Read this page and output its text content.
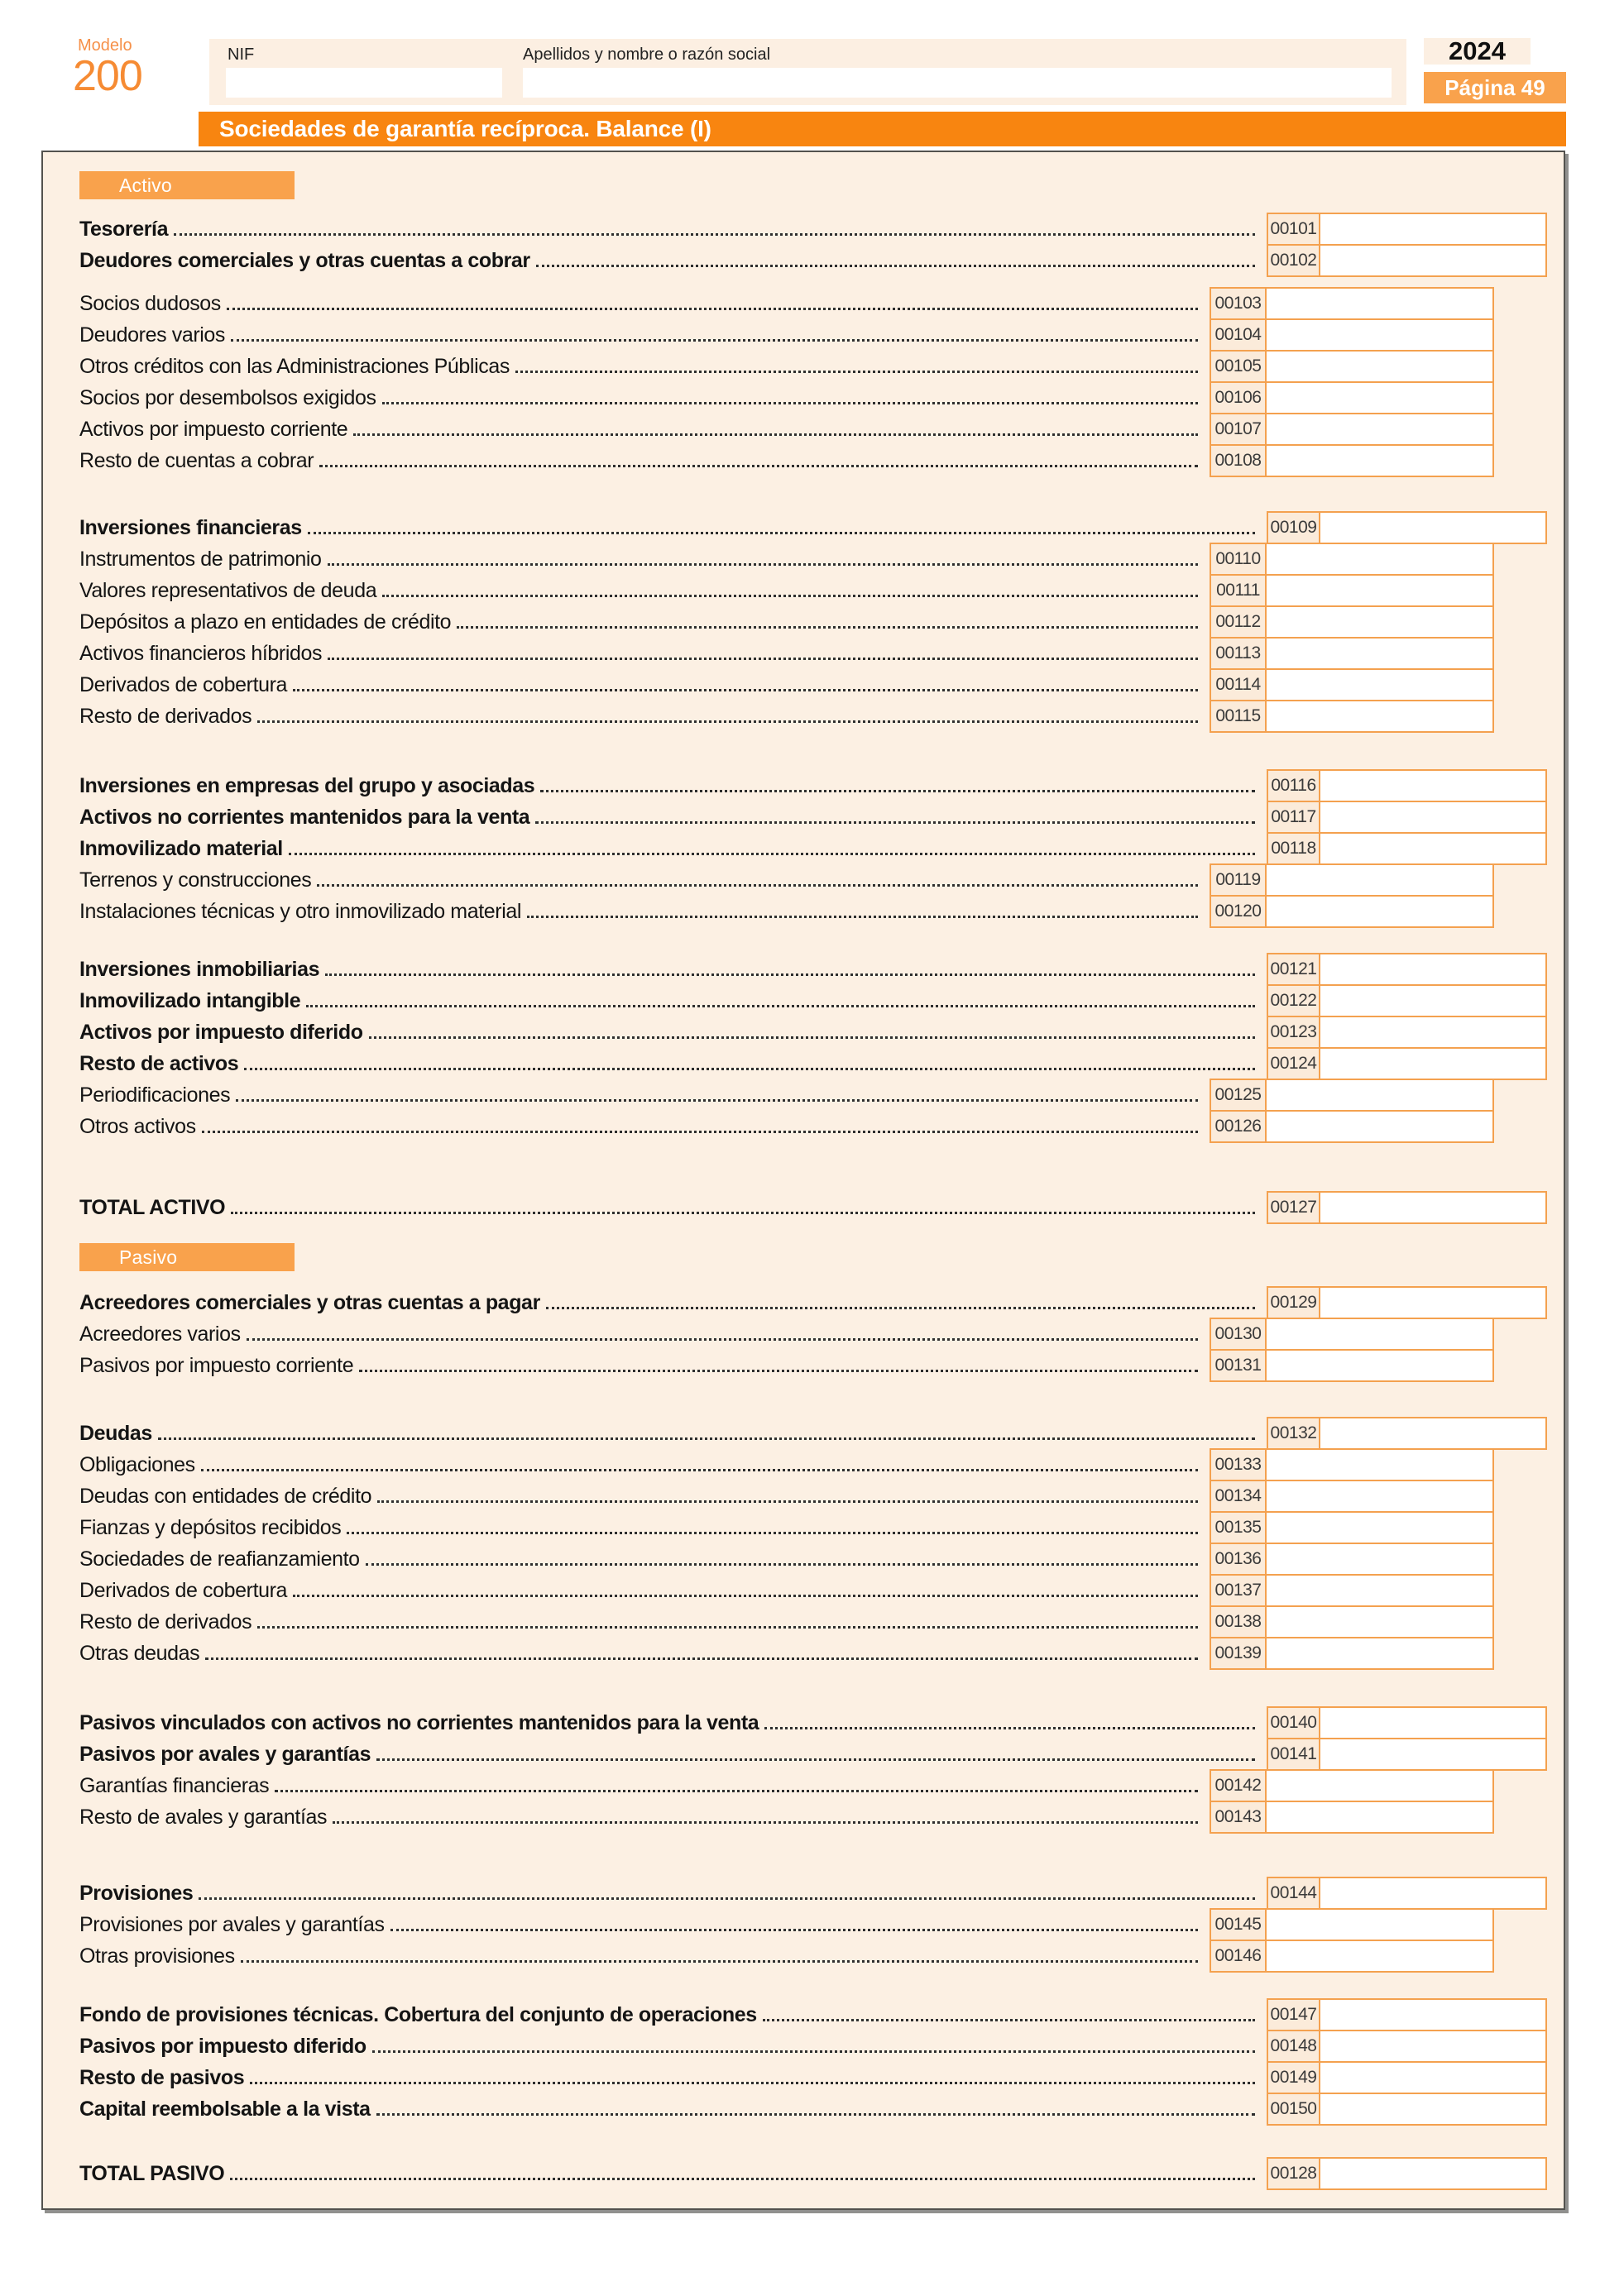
Modelo
200	NIF	Apellidos y nombre o razón social	2024
Página 49
Sociedades de garantía recíproca. Balance (I)
Activo
Tesorería	00101
Deudores comerciales y otras cuentas a cobrar	00102
Socios dudosos	00103
Deudores varios	00104
Otros créditos con las Administraciones Públicas	00105
Socios por desembolsos exigidos	00106
Activos por impuesto corriente	00107
Resto de cuentas a cobrar	00108
Inversiones financieras	00109
Instrumentos de patrimonio	00110
Valores representativos de deuda	00111
Depósitos a plazo en entidades de crédito	00112
Activos financieros híbridos	00113
Derivados de cobertura	00114
Resto de derivados	00115
Inversiones en empresas del grupo y asociadas	00116
Activos no corrientes mantenidos para la venta	00117
Inmovilizado material	00118
Terrenos y construcciones	00119
Instalaciones técnicas y otro inmovilizado material	00120
Inversiones inmobiliarias	00121
Inmovilizado intangible	00122
Activos por impuesto diferido	00123
Resto de activos	00124
Periodificaciones	00125
Otros activos	00126
TOTAL ACTIVO	00127
Pasivo
Acreedores comerciales y otras cuentas a pagar	00129
Acreedores varios	00130
Pasivos por impuesto corriente	00131
Deudas	00132
Obligaciones	00133
Deudas con entidades de crédito	00134
Fianzas y depósitos recibidos	00135
Sociedades de reafianzamiento	00136
Derivados de cobertura	00137
Resto de derivados	00138
Otras deudas	00139
Pasivos vinculados con activos no corrientes mantenidos para la venta	00140
Pasivos por avales y garantías	00141
Garantías financieras	00142
Resto de avales y garantías	00143
Provisiones	00144
Provisiones por avales y garantías	00145
Otras provisiones	00146
Fondo de provisiones técnicas. Cobertura del conjunto de operaciones	00147
Pasivos por impuesto diferido	00148
Resto de pasivos	00149
Capital reembolsable a la vista	00150
TOTAL PASIVO	00128
